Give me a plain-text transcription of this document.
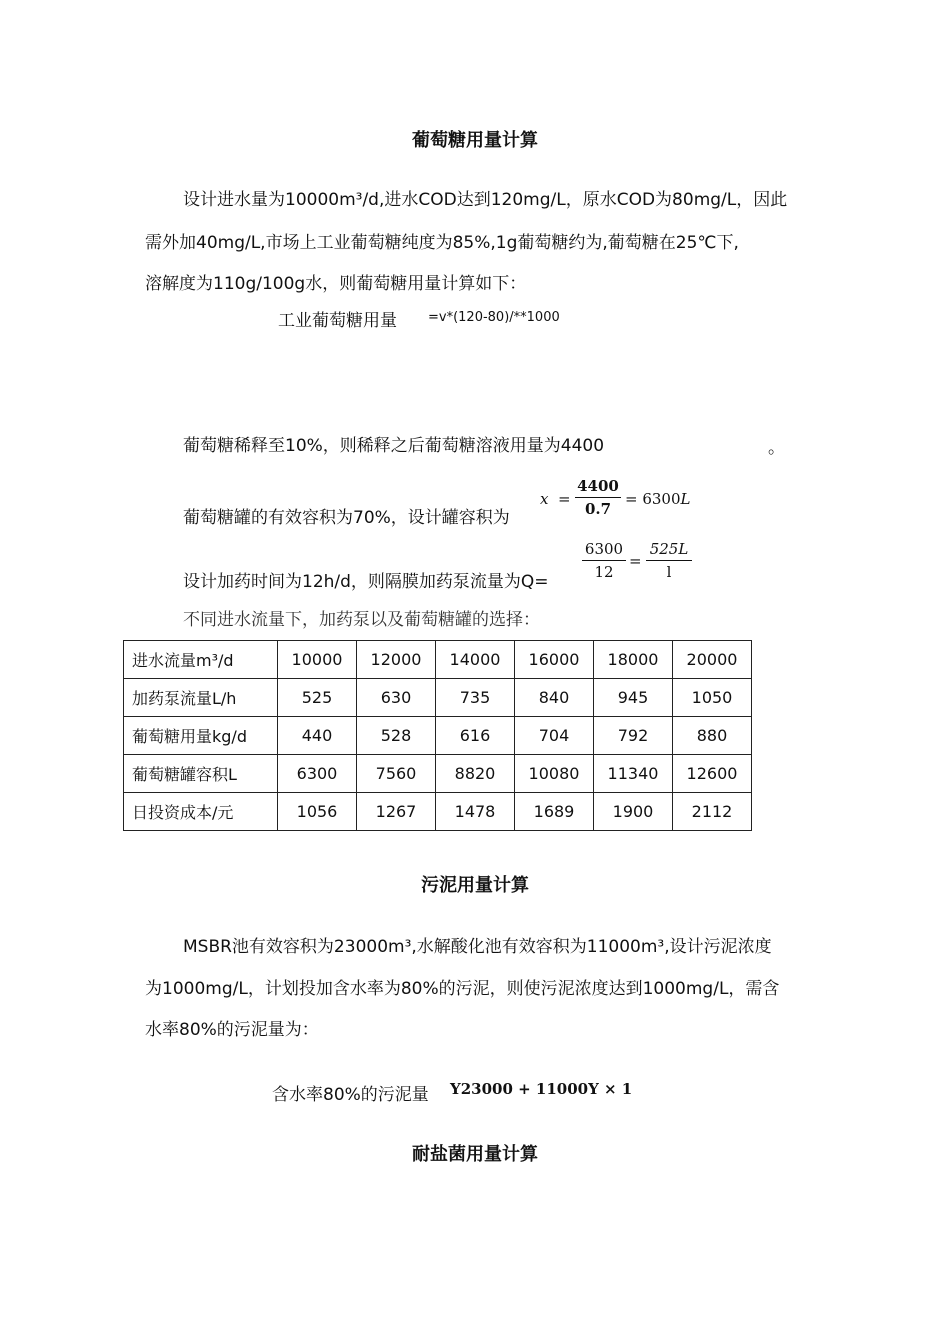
葡萄糖用量计算
设计进水量为10000m³/d,进水COD达到120mg/L，原水COD为80mg/L，因此
需外加40mg/L,市场上工业葡萄糖纯度为85%,1g葡萄糖约为,葡萄糖在25℃下,
溶解度为110g/100g水，则葡萄糖用量计算如下：
工业葡萄糖用量 =v*(120-80)/**1000
葡萄糖稀释至10%，则稀释之后葡萄糖溶液用量为4400	。
葡萄糖罐的有效容积为70%，设计罐容积为
x =
4400
0.7
= 6300L
设计加药时间为12h/d，则隔膜加药泵流量为Q=
6300
12
=
525L
l
不同进水流量下，加药泵以及葡萄糖罐的选择：
进水流量m³/d	10000	12000	14000	16000	18000	20000
加药泵流量L/h	525	630	735	840	945	1050
葡萄糖用量kg/d	440	528	616	704	792	880
葡萄糖罐容积L	6300	7560	8820	10080	11340	12600
日投资成本/元	1056	1267	1478	1689	1900	2112
污泥用量计算
MSBR池有效容积为23000m³,水解酸化池有效容积为11000m³,设计污泥浓度
为1000mg/L，计划投加含水率为80%的污泥，则使污泥浓度达到1000mg/L，需含
水率80%的污泥量为：
含水率80%的污泥量 Y23000 + 11000Y × 1
耐盐菌用量计算
